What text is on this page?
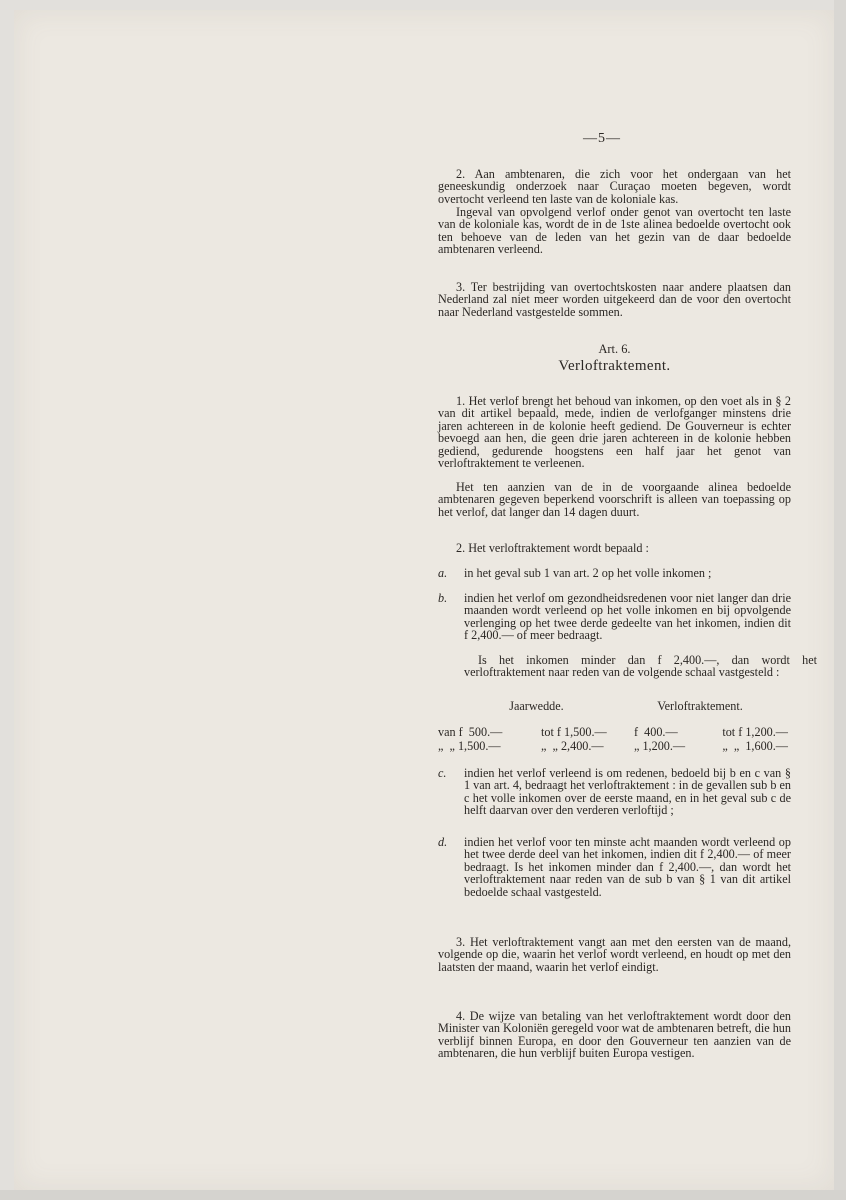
—5—
2. Aan ambtenaren, die zich voor het ondergaan van het geneeskundig onderzoek naar Curaçao moeten begeven, wordt overtocht verleend ten laste van de koloniale kas.
Ingeval van opvolgend verlof onder genot van overtocht ten laste van de koloniale kas, wordt de in de 1ste alinea bedoelde overtocht ook ten behoeve van de leden van het gezin van de daar bedoelde ambtenaren verleend.
3. Ter bestrijding van overtochtskosten naar andere plaatsen dan Nederland zal niet meer worden uitgekeerd dan de voor den overtocht naar Nederland vastgestelde sommen.
Art. 6.
Verloftraktement.
1. Het verlof brengt het behoud van inkomen, op den voet als in § 2 van dit artikel bepaald, mede, indien de verlofganger minstens drie jaren achtereen in de kolonie heeft gediend. De Gouverneur is echter bevoegd aan hen, die geen drie jaren achtereen in de kolonie hebben gediend, gedurende hoogstens een half jaar het genot van verloftraktement te verleenen.
Het ten aanzien van de in de voorgaande alinea bedoelde ambtenaren gegeven beperkend voorschrift is alleen van toepassing op het verlof, dat langer dan 14 dagen duurt.
2. Het verloftraktement wordt bepaald :
a.	in het geval sub 1 van art. 2 op het volle inkomen ;
b.	indien het verlof om gezondheidsredenen voor niet langer dan drie maanden wordt verleend op het volle inkomen en bij opvolgende verlenging op het twee derde gedeelte van het inkomen, indien dit f 2,400.— of meer bedraagt.
Is het inkomen minder dan f 2,400.—, dan wordt het verloftraktement naar reden van de volgende schaal vastgesteld :
Jaarwedde.	Verloftraktement.
van f  500.—	tot f 1,500.—	f  400.—	tot f 1,200.—
„  „ 1,500.—	„  „ 2,400.—	„ 1,200.—	„  „  1,600.—
c.	indien het verlof verleend is om redenen, bedoeld bij b en c van § 1 van art. 4, bedraagt het verloftraktement : in de gevallen sub b en c het volle inkomen over de eerste maand, en in het geval sub c de helft daarvan over den verderen verloftijd ;
d.	indien het verlof voor ten minste acht maanden wordt verleend op het twee derde deel van het inkomen, indien dit f 2,400.— of meer bedraagt. Is het inkomen minder dan f 2,400.—, dan wordt het verloftraktement naar reden van de sub b van § 1 van dit artikel bedoelde schaal vastgesteld.
3. Het verloftraktement vangt aan met den eersten van de maand, volgende op die, waarin het verlof wordt verleend, en houdt op met den laatsten der maand, waarin het verlof eindigt.
4. De wijze van betaling van het verloftraktement wordt door den Minister van Koloniën geregeld voor wat de ambtenaren betreft, die hun verblijf binnen Europa, en door den Gouverneur ten aanzien van de ambtenaren, die hun verblijf buiten Europa vestigen.
